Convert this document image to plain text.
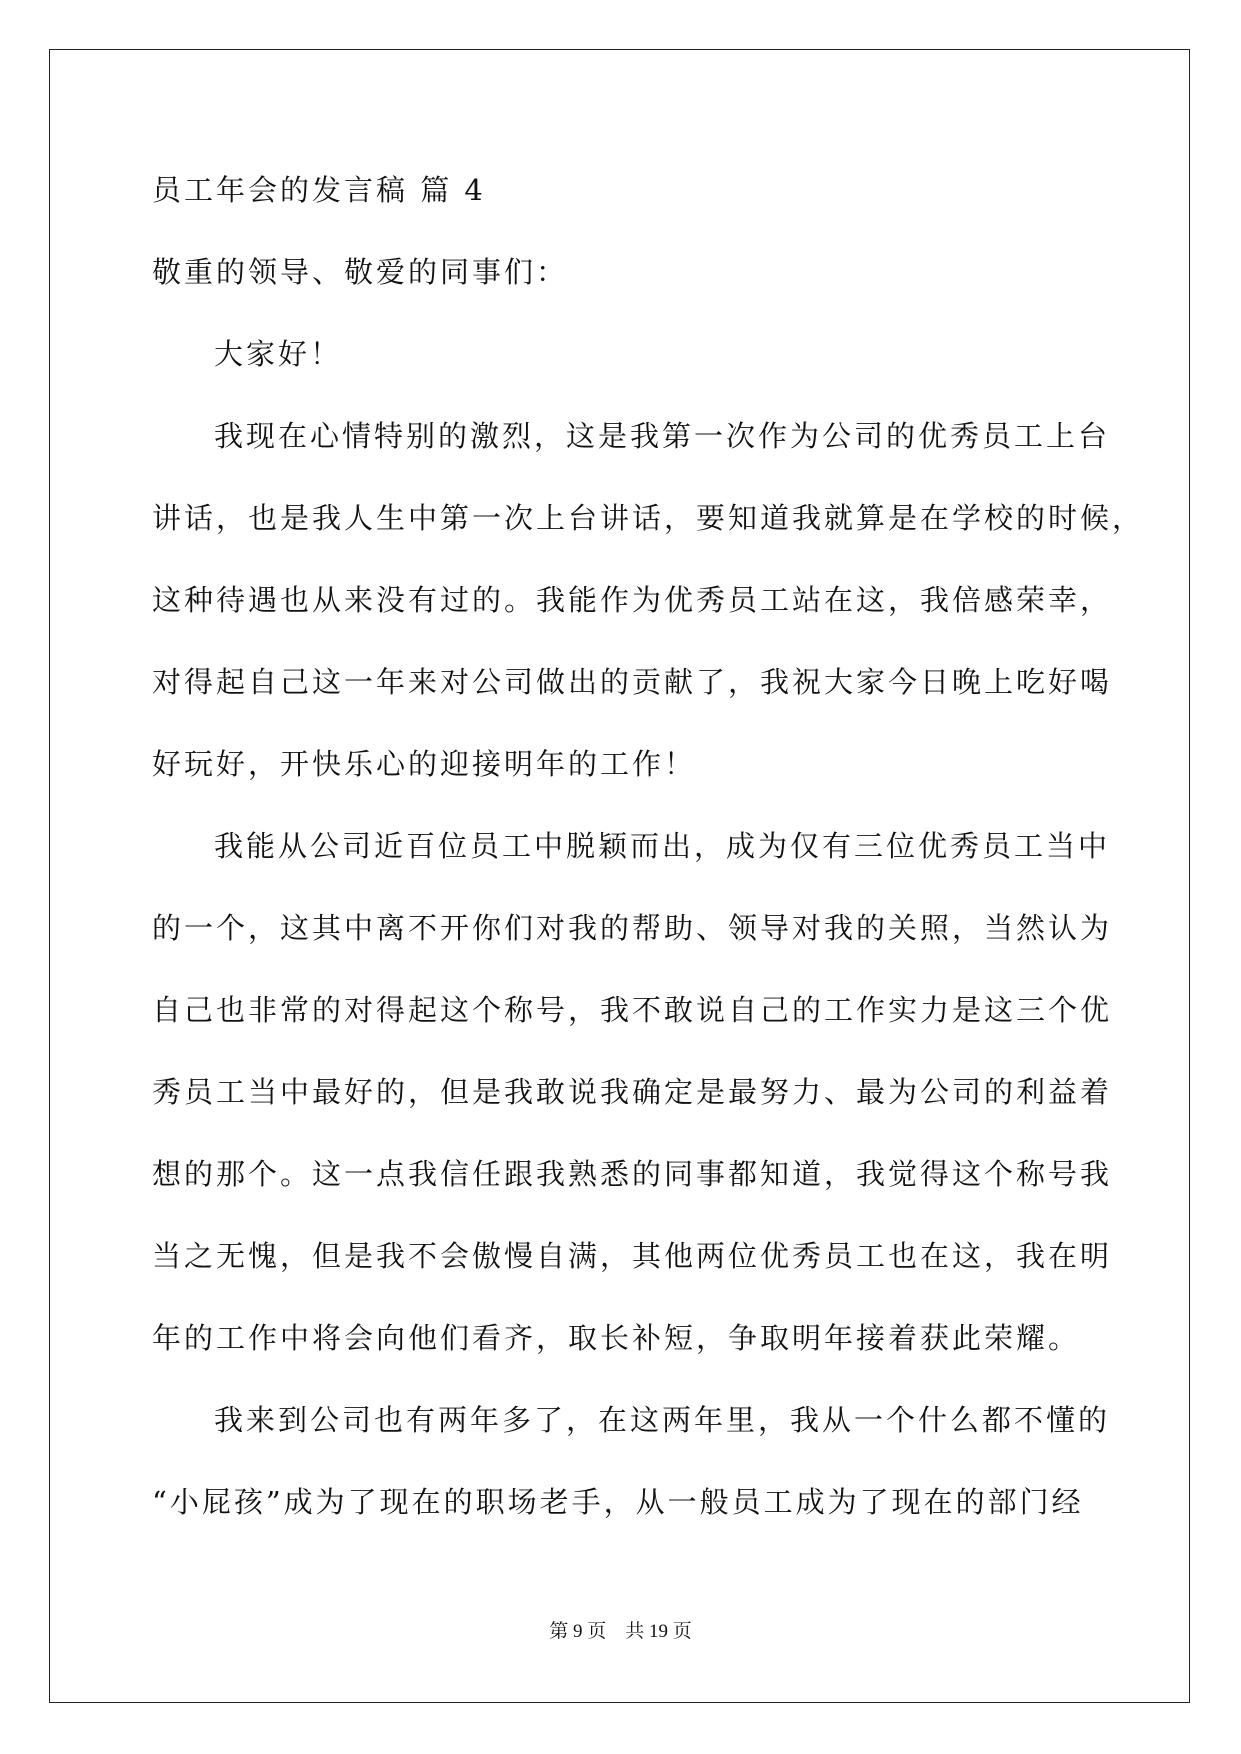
员工年会的发言稿 篇 4
敬重的领导、敬爱的同事们：
大家好！
我现在心情特别的激烈，这是我第一次作为公司的优秀员工上台
讲话，也是我人生中第一次上台讲话，要知道我就算是在学校的时候，
这种待遇也从来没有过的。我能作为优秀员工站在这，我倍感荣幸，
对得起自己这一年来对公司做出的贡献了，我祝大家今日晚上吃好喝
好玩好，开快乐心的迎接明年的工作！
我能从公司近百位员工中脱颖而出，成为仅有三位优秀员工当中
的一个，这其中离不开你们对我的帮助、领导对我的关照，当然认为
自己也非常的对得起这个称号，我不敢说自己的工作实力是这三个优
秀员工当中最好的，但是我敢说我确定是最努力、最为公司的利益着
想的那个。这一点我信任跟我熟悉的同事都知道，我觉得这个称号我
当之无愧，但是我不会傲慢自满，其他两位优秀员工也在这，我在明
年的工作中将会向他们看齐，取长补短，争取明年接着获此荣耀。
我来到公司也有两年多了，在这两年里，我从一个什么都不懂的
“小屁孩”成为了现在的职场老手，从一般员工成为了现在的部门经
第 9 页    共 19 页
